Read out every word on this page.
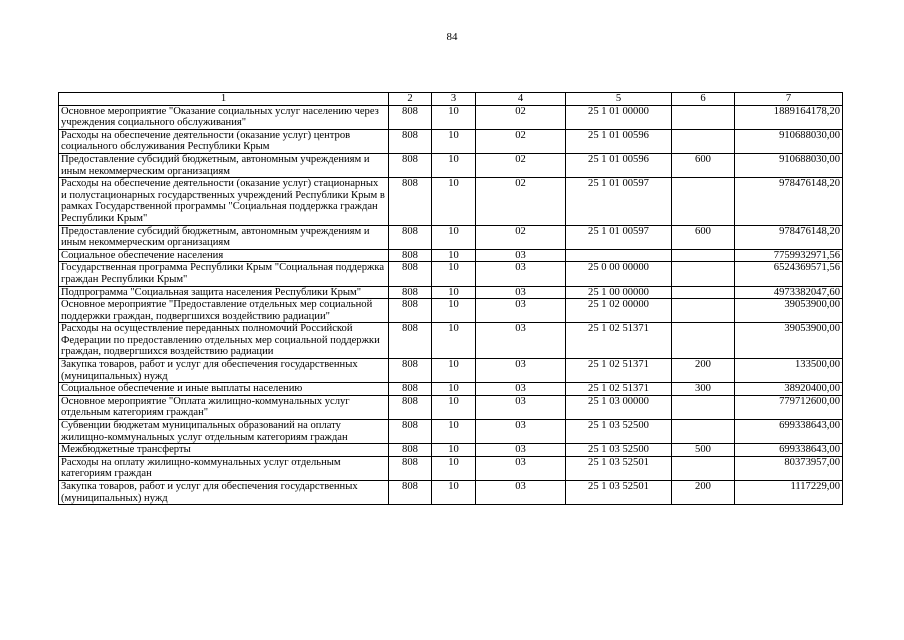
84
1	2	3	4	5	6	7
Основное мероприятие "Оказание социальных услуг населению через учреждения социального обслуживания"	808	10	02	25 1 01 00000		1889164178,20
Расходы на обеспечение деятельности (оказание услуг) центров социального обслуживания Республики Крым	808	10	02	25 1 01 00596		910688030,00
Предоставление субсидий бюджетным, автономным учреждениям и иным некоммерческим организациям	808	10	02	25 1 01 00596	600	910688030,00
Расходы на обеспечение деятельности (оказание услуг) стационарных и полустационарных государственных учреждений Республики Крым в рамках Государственной программы "Социальная поддержка граждан Республики Крым"	808	10	02	25 1 01 00597		978476148,20
Предоставление субсидий бюджетным, автономным учреждениям и иным некоммерческим организациям	808	10	02	25 1 01 00597	600	978476148,20
Социальное обеспечение населения	808	10	03			7759932971,56
Государственная программа Республики Крым "Социальная поддержка граждан Республики Крым"	808	10	03	25 0 00 00000		6524369571,56
Подпрограмма "Социальная защита населения Республики Крым"	808	10	03	25 1 00 00000		4973382047,60
Основное мероприятие "Предоставление отдельных мер социальной поддержки граждан, подвергшихся воздействию радиации"	808	10	03	25 1 02 00000		39053900,00
Расходы на осуществление переданных полномочий Российской Федерации по предоставлению отдельных мер социальной поддержки граждан, подвергшихся воздействию радиации	808	10	03	25 1 02 51371		39053900,00
Закупка товаров, работ и услуг для обеспечения государственных (муниципальных) нужд	808	10	03	25 1 02 51371	200	133500,00
Социальное обеспечение и иные выплаты населению	808	10	03	25 1 02 51371	300	38920400,00
Основное мероприятие "Оплата жилищно-коммунальных услуг отдельным категориям граждан"	808	10	03	25 1 03 00000		779712600,00
Субвенции бюджетам муниципальных образований на оплату жилищно-коммунальных услуг отдельным категориям граждан	808	10	03	25 1 03 52500		699338643,00
Межбюджетные трансферты	808	10	03	25 1 03 52500	500	699338643,00
Расходы на оплату жилищно-коммунальных услуг отдельным категориям граждан	808	10	03	25 1 03 52501		80373957,00
Закупка товаров, работ и услуг для обеспечения государственных (муниципальных) нужд	808	10	03	25 1 03 52501	200	1117229,00
